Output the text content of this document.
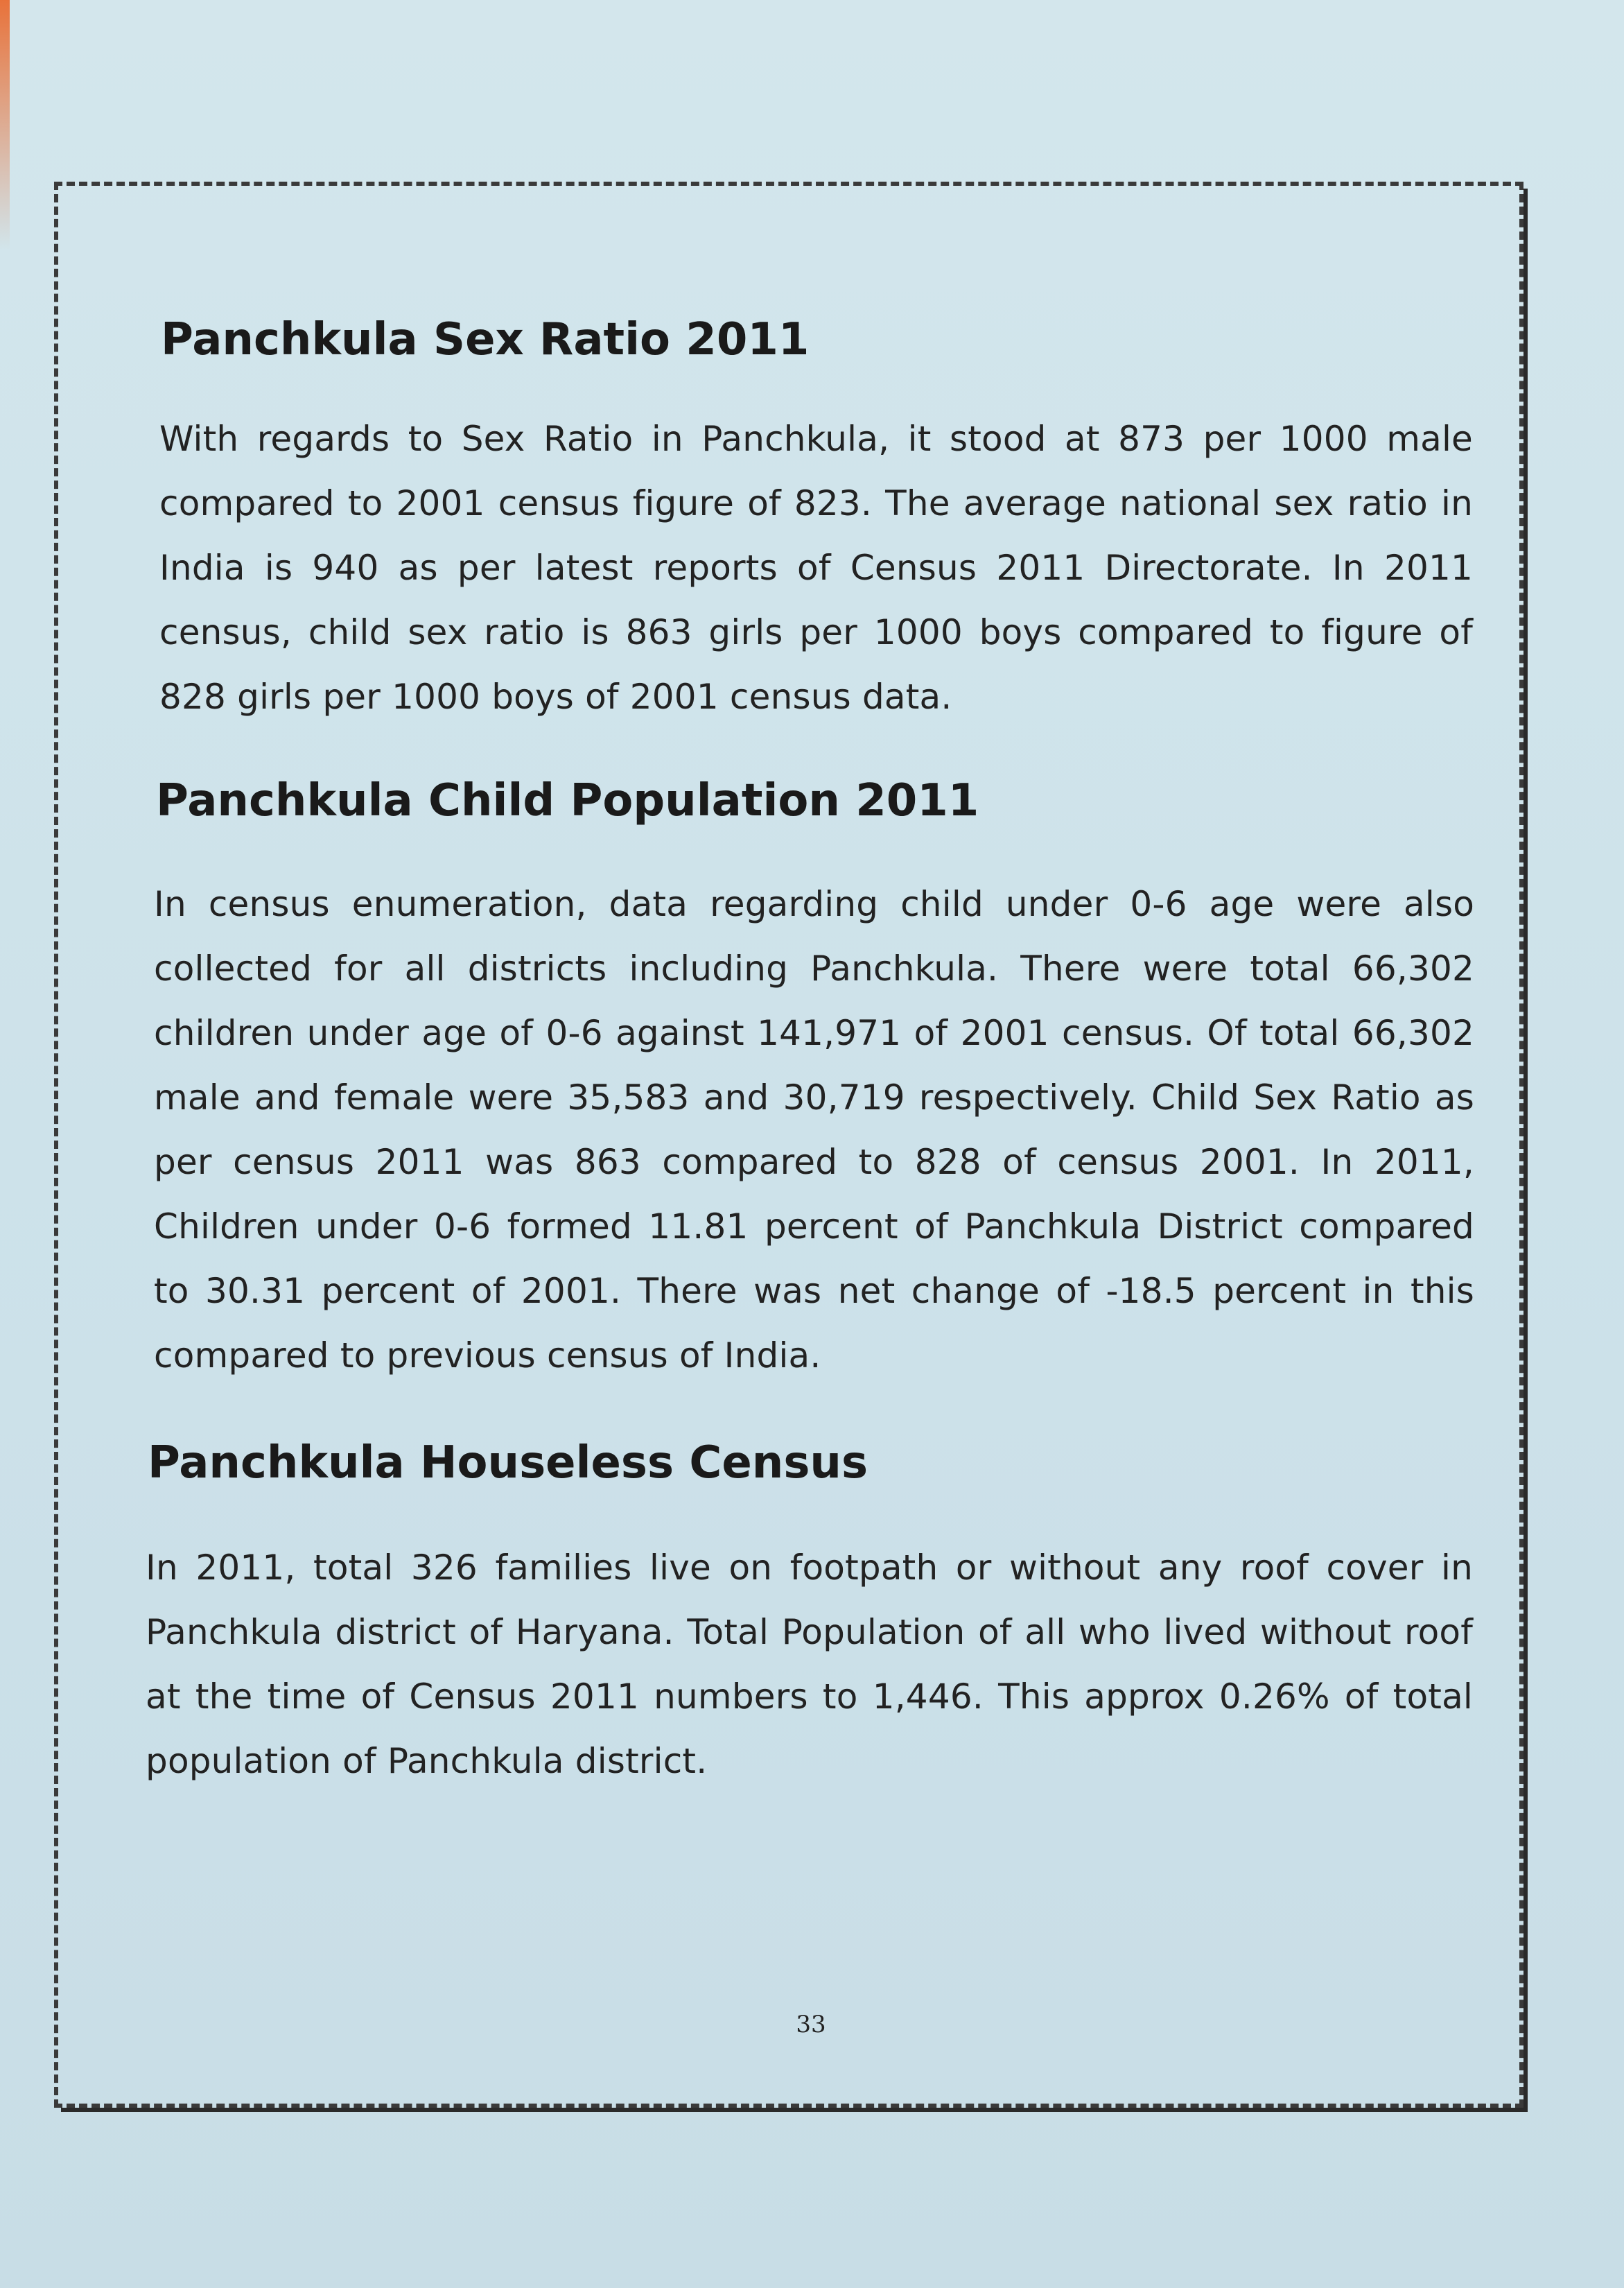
Panchkula Sex Ratio 2011

With regards to Sex Ratio in Panchkula, it stood at 873 per 1000 male compared to 2001 census figure of 823. The average national sex ratio in India is 940 as per latest reports of Census 2011 Directorate. In 2011 census, child sex ratio is 863 girls per 1000 boys compared to figure of 828 girls per 1000 boys of 2001 census data.

Panchkula Child Population 2011

In census enumeration, data regarding child under 0-6 age were also collected for all districts including Panchkula. There were total 66,302 children under age of 0-6 against 141,971 of 2001 census. Of total 66,302 male and female were 35,583 and 30,719 respectively. Child Sex Ratio as per census 2011 was 863 compared to 828 of census 2001. In 2011, Children under 0-6 formed 11.81 percent of Panchkula District compared to 30.31 percent of 2001. There was net change of -18.5 percent in this compared to previous census of India.

Panchkula Houseless Census

In 2011, total 326 families live on footpath or without any roof cover in Panchkula district of Haryana. Total Population of all who lived without roof at the time of Census 2011 numbers to 1,446. This approx 0.26% of total population of Panchkula district.

33
